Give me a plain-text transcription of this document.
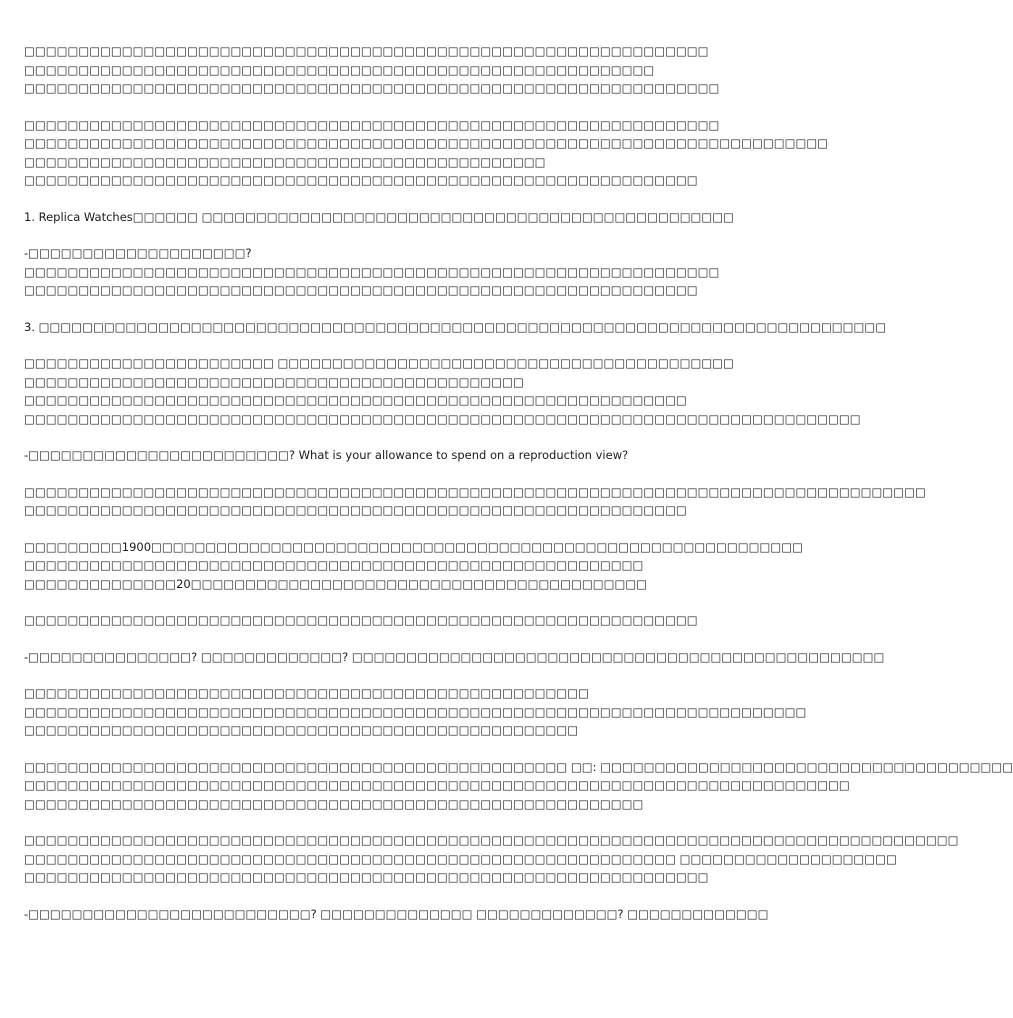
□□□□□□□□□□□□□□□□□□□□□□□□□□□□□□□□□□□□□□□□□□□□□□□□□□□□□□□□□□□□□□□
□□□□□□□□□□□□□□□□□□□□□□□□□□□□□□□□□□□□□□□□□□□□□□□□□□□□□□□□□□
□□□□□□□□□□□□□□□□□□□□□□□□□□□□□□□□□□□□□□□□□□□□□□□□□□□□□□□□□□□□□□□□

□□□□□□□□□□□□□□□□□□□□□□□□□□□□□□□□□□□□□□□□□□□□□□□□□□□□□□□□□□□□□□□□
□□□□□□□□□□□□□□□□□□□□□□□□□□□□□□□□□□□□□□□□□□□□□□□□□□□□□□□□□□□□□□□□□□□□□□□□□□
□□□□□□□□□□□□□□□□□□□□□□□□□□□□□□□□□□□□□□□□□□□□□□□□
□□□□□□□□□□□□□□□□□□□□□□□□□□□□□□□□□□□□□□□□□□□□□□□□□□□□□□□□□□□□□□

1. Replica Watches□□□□□□ □□□□□□□□□□□□□□□□□□□□□□□□□□□□□□□□□□□□□□□□□□□□□□□□□

-□□□□□□□□□□□□□□□□□□□□?
□□□□□□□□□□□□□□□□□□□□□□□□□□□□□□□□□□□□□□□□□□□□□□□□□□□□□□□□□□□□□□□□
□□□□□□□□□□□□□□□□□□□□□□□□□□□□□□□□□□□□□□□□□□□□□□□□□□□□□□□□□□□□□□

3. □□□□□□□□□□□□□□□□□□□□□□□□□□□□□□□□□□□□□□□□□□□□□□□□□□□□□□□□□□□□□□□□□□□□□□□□□□□□□□

□□□□□□□□□□□□□□□□□□□□□□□ □□□□□□□□□□□□□□□□□□□□□□□□□□□□□□□□□□□□□□□□□□
□□□□□□□□□□□□□□□□□□□□□□□□□□□□□□□□□□□□□□□□□□□□□□
□□□□□□□□□□□□□□□□□□□□□□□□□□□□□□□□□□□□□□□□□□□□□□□□□□□□□□□□□□□□□
□□□□□□□□□□□□□□□□□□□□□□□□□□□□□□□□□□□□□□□□□□□□□□□□□□□□□□□□□□□□□□□□□□□□□□□□□□□□□

-□□□□□□□□□□□□□□□□□□□□□□□□? What is your allowance to spend on a reproduction view?

□□□□□□□□□□□□□□□□□□□□□□□□□□□□□□□□□□□□□□□□□□□□□□□□□□□□□□□□□□□□□□□□□□□□□□□□□□□□□□□□□□□
□□□□□□□□□□□□□□□□□□□□□□□□□□□□□□□□□□□□□□□□□□□□□□□□□□□□□□□□□□□□□

□□□□□□□□□1900□□□□□□□□□□□□□□□□□□□□□□□□□□□□□□□□□□□□□□□□□□□□□□□□□□□□□□□□□□□□
□□□□□□□□□□□□□□□□□□□□□□□□□□□□□□□□□□□□□□□□□□□□□□□□□□□□□□□□□
□□□□□□□□□□□□□□20□□□□□□□□□□□□□□□□□□□□□□□□□□□□□□□□□□□□□□□□□□

□□□□□□□□□□□□□□□□□□□□□□□□□□□□□□□□□□□□□□□□□□□□□□□□□□□□□□□□□□□□□□

-□□□□□□□□□□□□□□□? □□□□□□□□□□□□□? □□□□□□□□□□□□□□□□□□□□□□□□□□□□□□□□□□□□□□□□□□□□□□□□□

□□□□□□□□□□□□□□□□□□□□□□□□□□□□□□□□□□□□□□□□□□□□□□□□□□□□
□□□□□□□□□□□□□□□□□□□□□□□□□□□□□□□□□□□□□□□□□□□□□□□□□□□□□□□□□□□□□□□□□□□□□□□□
□□□□□□□□□□□□□□□□□□□□□□□□□□□□□□□□□□□□□□□□□□□□□□□□□□□

□□□□□□□□□□□□□□□□□□□□□□□□□□□□□□□□□□□□□□□□□□□□□□□□□□ □□: □□□□□□□□□□□□□□□□□□□□□□□□□□□□□□□□□□□□□□
□□□□□□□□□□□□□□□□□□□□□□□□□□□□□□□□□□□□□□□□□□□□□□□□□□□□□□□□□□□□□□□□□□□□□□□□□□□□
□□□□□□□□□□□□□□□□□□□□□□□□□□□□□□□□□□□□□□□□□□□□□□□□□□□□□□□□□

□□□□□□□□□□□□□□□□□□□□□□□□□□□□□□□□□□□□□□□□□□□□□□□□□□□□□□□□□□□□□□□□□□□□□□□□□□□□□□□□□□□□□□
□□□□□□□□□□□□□□□□□□□□□□□□□□□□□□□□□□□□□□□□□□□□□□□□□□□□□□□□□□□□ □□□□□□□□□□□□□□□□□□□□
□□□□□□□□□□□□□□□□□□□□□□□□□□□□□□□□□□□□□□□□□□□□□□□□□□□□□□□□□□□□□□□

-□□□□□□□□□□□□□□□□□□□□□□□□□□? □□□□□□□□□□□□□□ □□□□□□□□□□□□□? □□□□□□□□□□□□□
